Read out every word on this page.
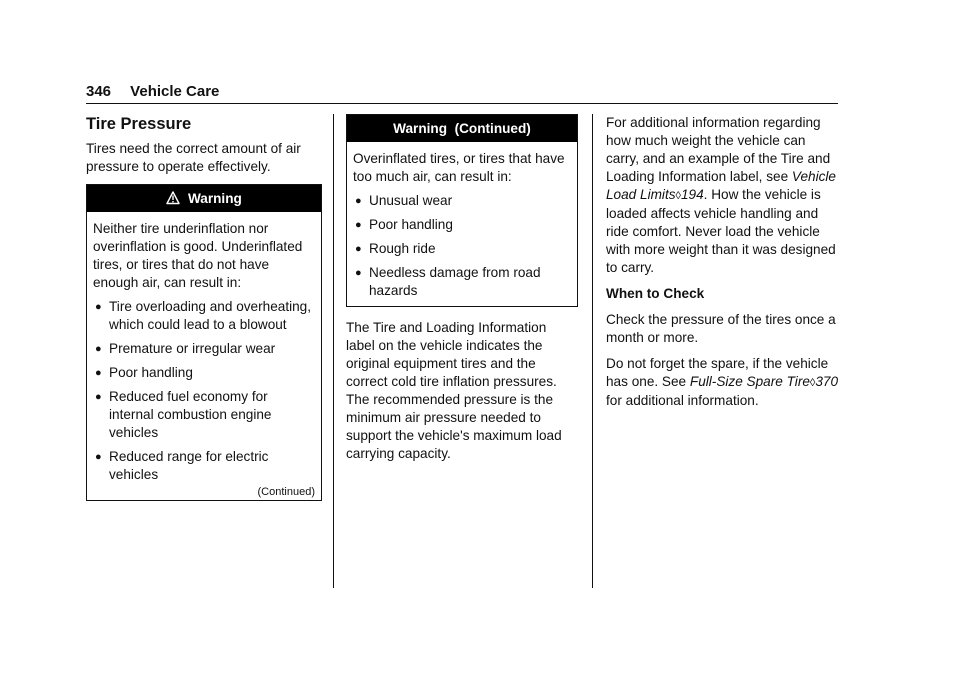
346 Vehicle Care
Tire Pressure

Tires need the correct amount of air pressure to operate effectively.

Warning
Neither tire underinflation nor overinflation is good. Underinflated tires, or tires that do not have enough air, can result in:
● Tire overloading and overheating, which could lead to a blowout
● Premature or irregular wear
● Poor handling
● Reduced fuel economy for internal combustion engine vehicles
● Reduced range for electric vehicles
(Continued)
Warning  (Continued)
Overinflated tires, or tires that have too much air, can result in:
● Unusual wear
● Poor handling
● Rough ride
● Needless damage from road hazards

The Tire and Loading Information label on the vehicle indicates the original equipment tires and the correct cold tire inflation pressures. The recommended pressure is the minimum air pressure needed to support the vehicle's maximum load carrying capacity.

For additional information regarding how much weight the vehicle can carry, and an example of the Tire and Loading Information label, see Vehicle Load Limits◊194. How the vehicle is loaded affects vehicle handling and ride comfort. Never load the vehicle with more weight than it was designed to carry.

When to Check

Check the pressure of the tires once a month or more.

Do not forget the spare, if the vehicle has one. See Full-Size Spare Tire◊370 for additional information.
